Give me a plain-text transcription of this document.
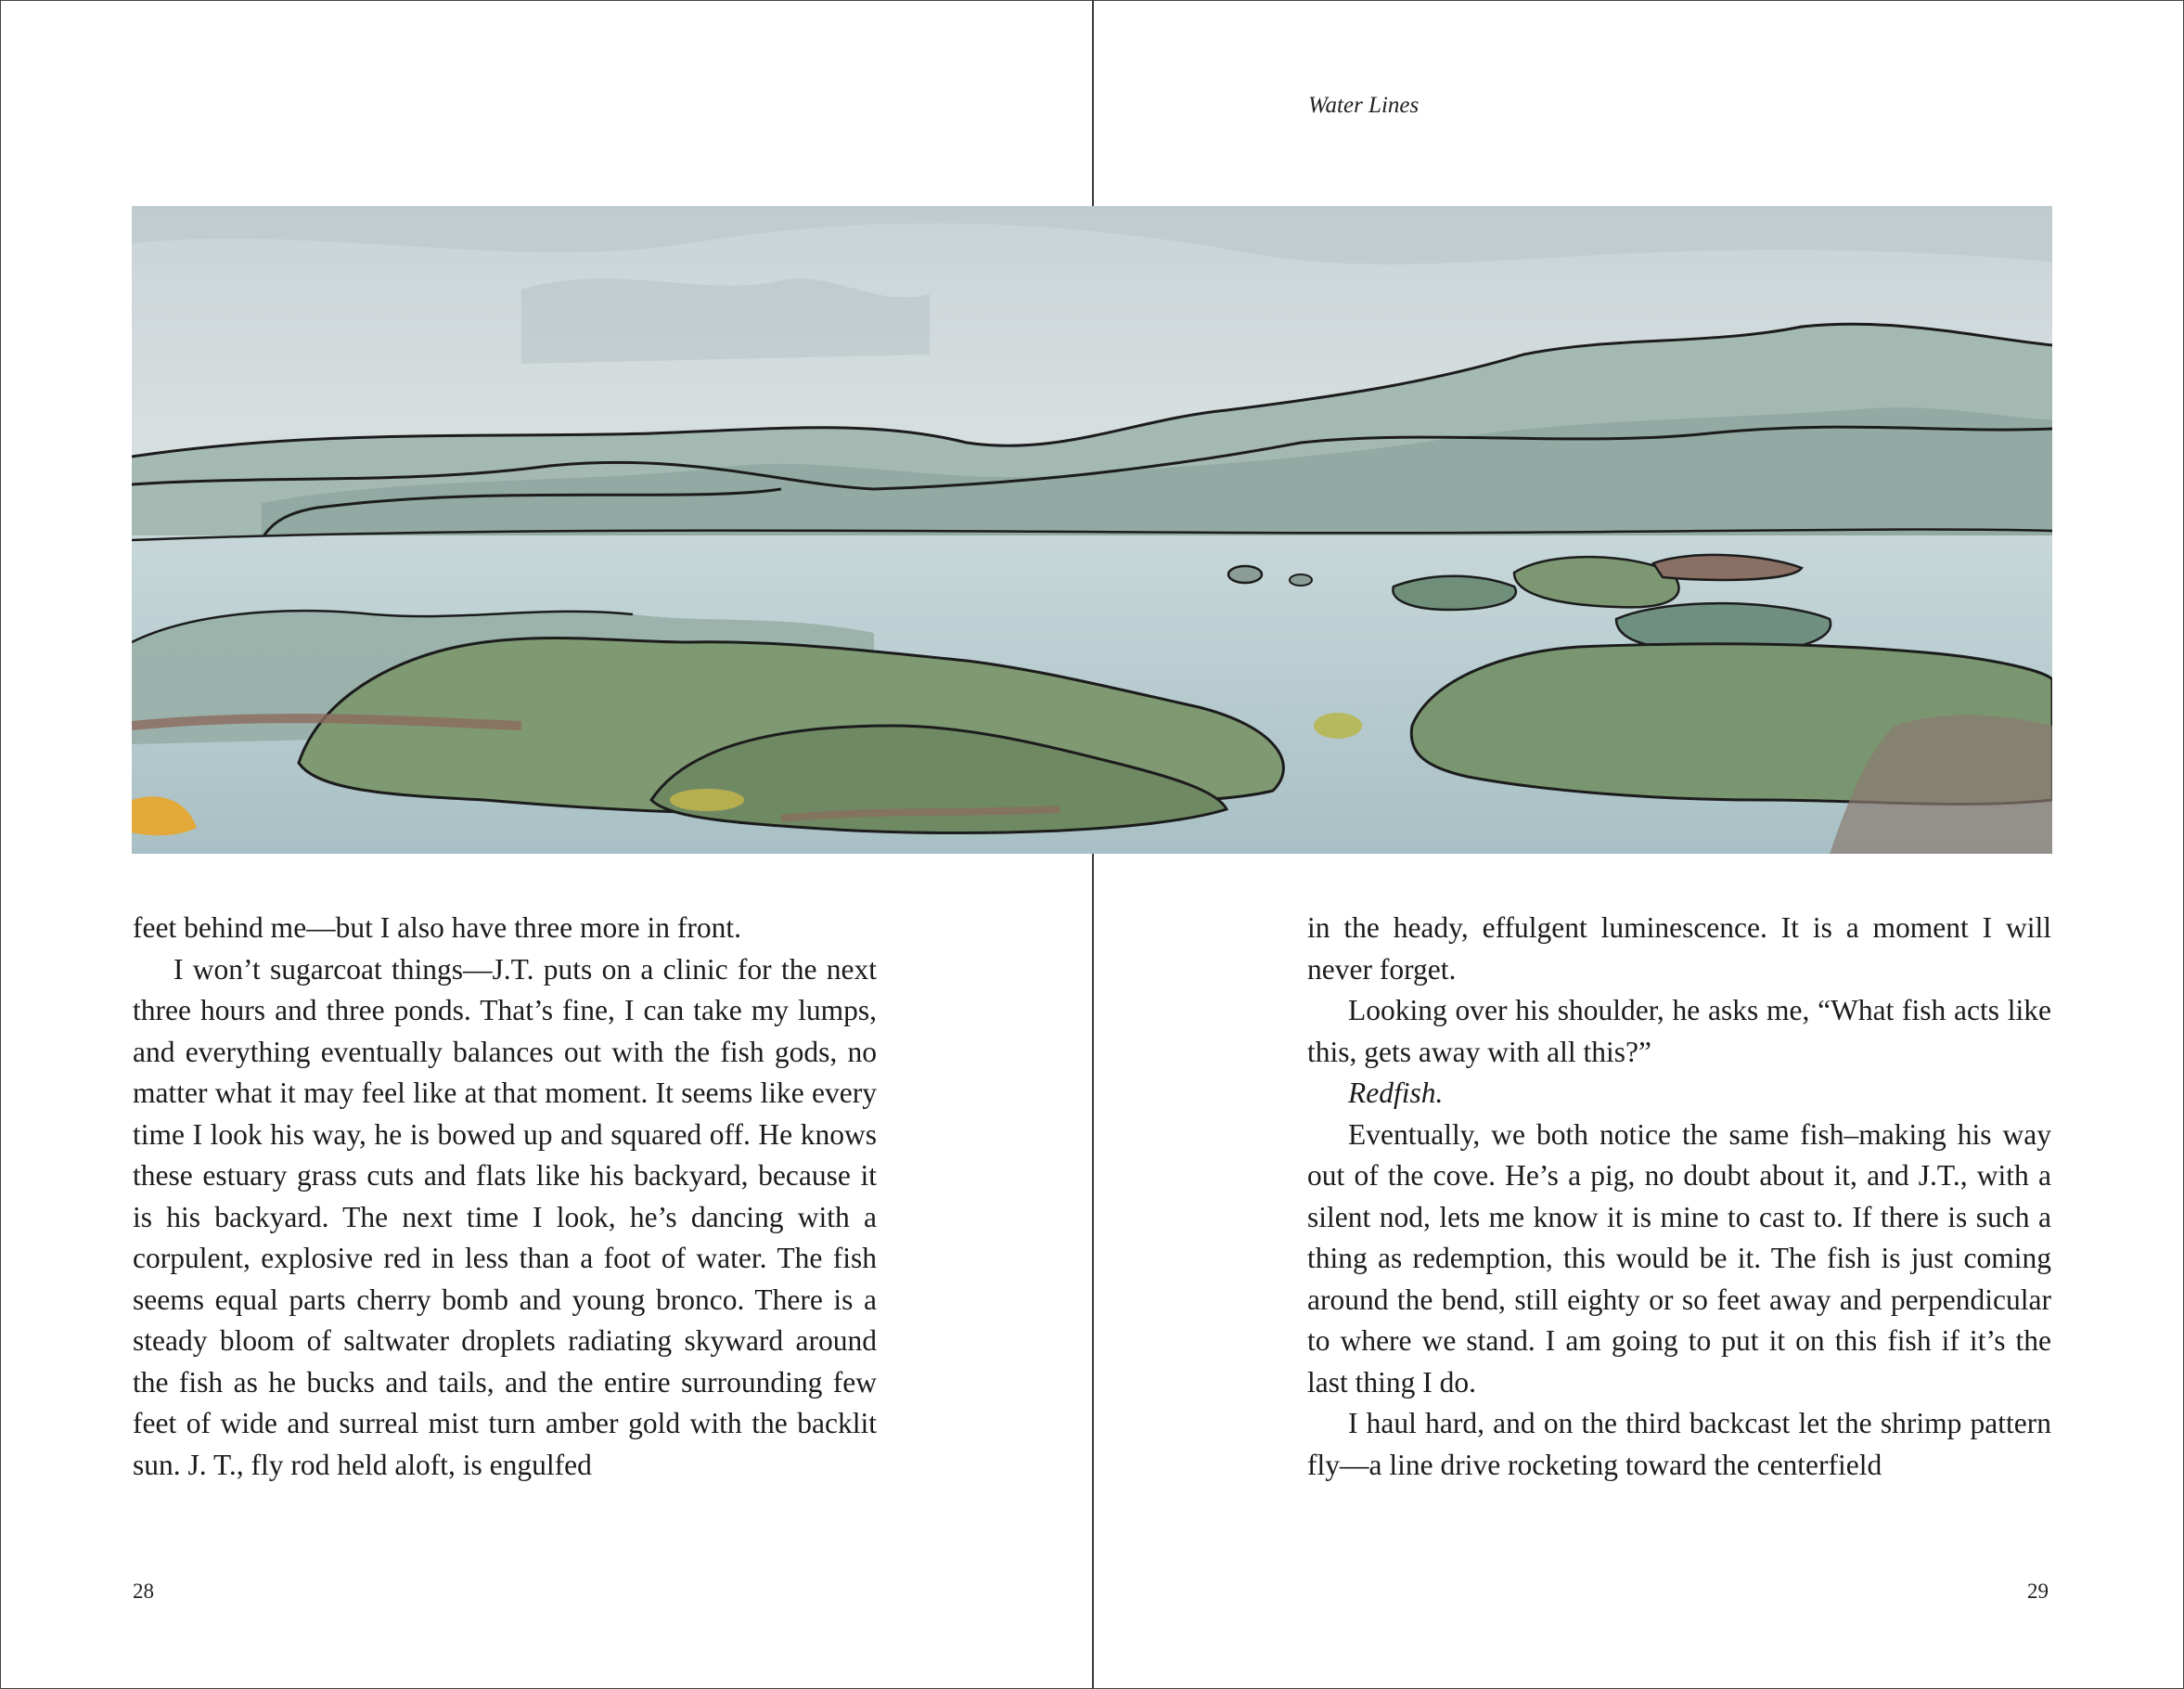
Water Lines

feet behind me—but I also have three more in front.

I won’t sugarcoat things—J.T. puts on a clinic for the next three hours and three ponds. That’s fine, I can take my lumps, and everything eventually balances out with the fish gods, no matter what it may feel like at that moment. It seems like every time I look his way, he is bowed up and squared off. He knows these estuary grass cuts and flats like his backyard, because it is his backyard. The next time I look, he’s dancing with a corpulent, explosive red in less than a foot of water. The fish seems equal parts cherry bomb and young bronco. There is a steady bloom of saltwater droplets radiating skyward around the fish as he bucks and tails, and the entire surrounding few feet of wide and surreal mist turn amber gold with the backlit sun. J. T., fly rod held aloft, is engulfed

in the heady, effulgent luminescence. It is a moment I will never forget.

Looking over his shoulder, he asks me, “What fish acts like this, gets away with all this?”

Redfish.

Eventually, we both notice the same fish–making his way out of the cove. He’s a pig, no doubt about it, and J.T., with a silent nod, lets me know it is mine to cast to. If there is such a thing as redemption, this would be it. The fish is just coming around the bend, still eighty or so feet away and perpendicular to where we stand. I am going to put it on this fish if it’s the last thing I do.

I haul hard, and on the third backcast let the shrimp pattern fly—a line drive rocketing toward the centerfield

28	29
